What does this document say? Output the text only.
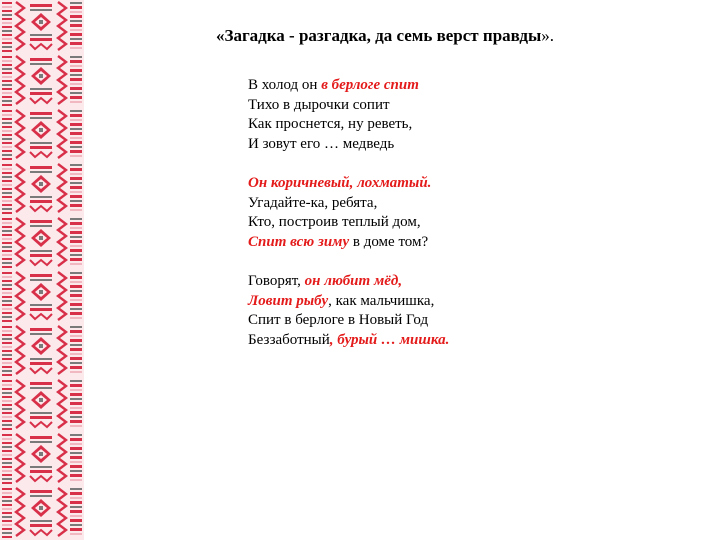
«Загадка - разгадка, да семь верст правды».
В холод он в берлоге спит
Тихо в дырочки сопит
Как проснется, ну реветь,
И зовут его … медведь
Он коричневый, лохматый.
Угадайте-ка, ребята,
Кто, построив теплый дом,
Спит всю зиму в доме том?
Говорят, он любит мёд,
Ловит рыбу, как мальчишка,
Спит в берлоге в Новый Год
Беззаботный, бурый … мишка.
